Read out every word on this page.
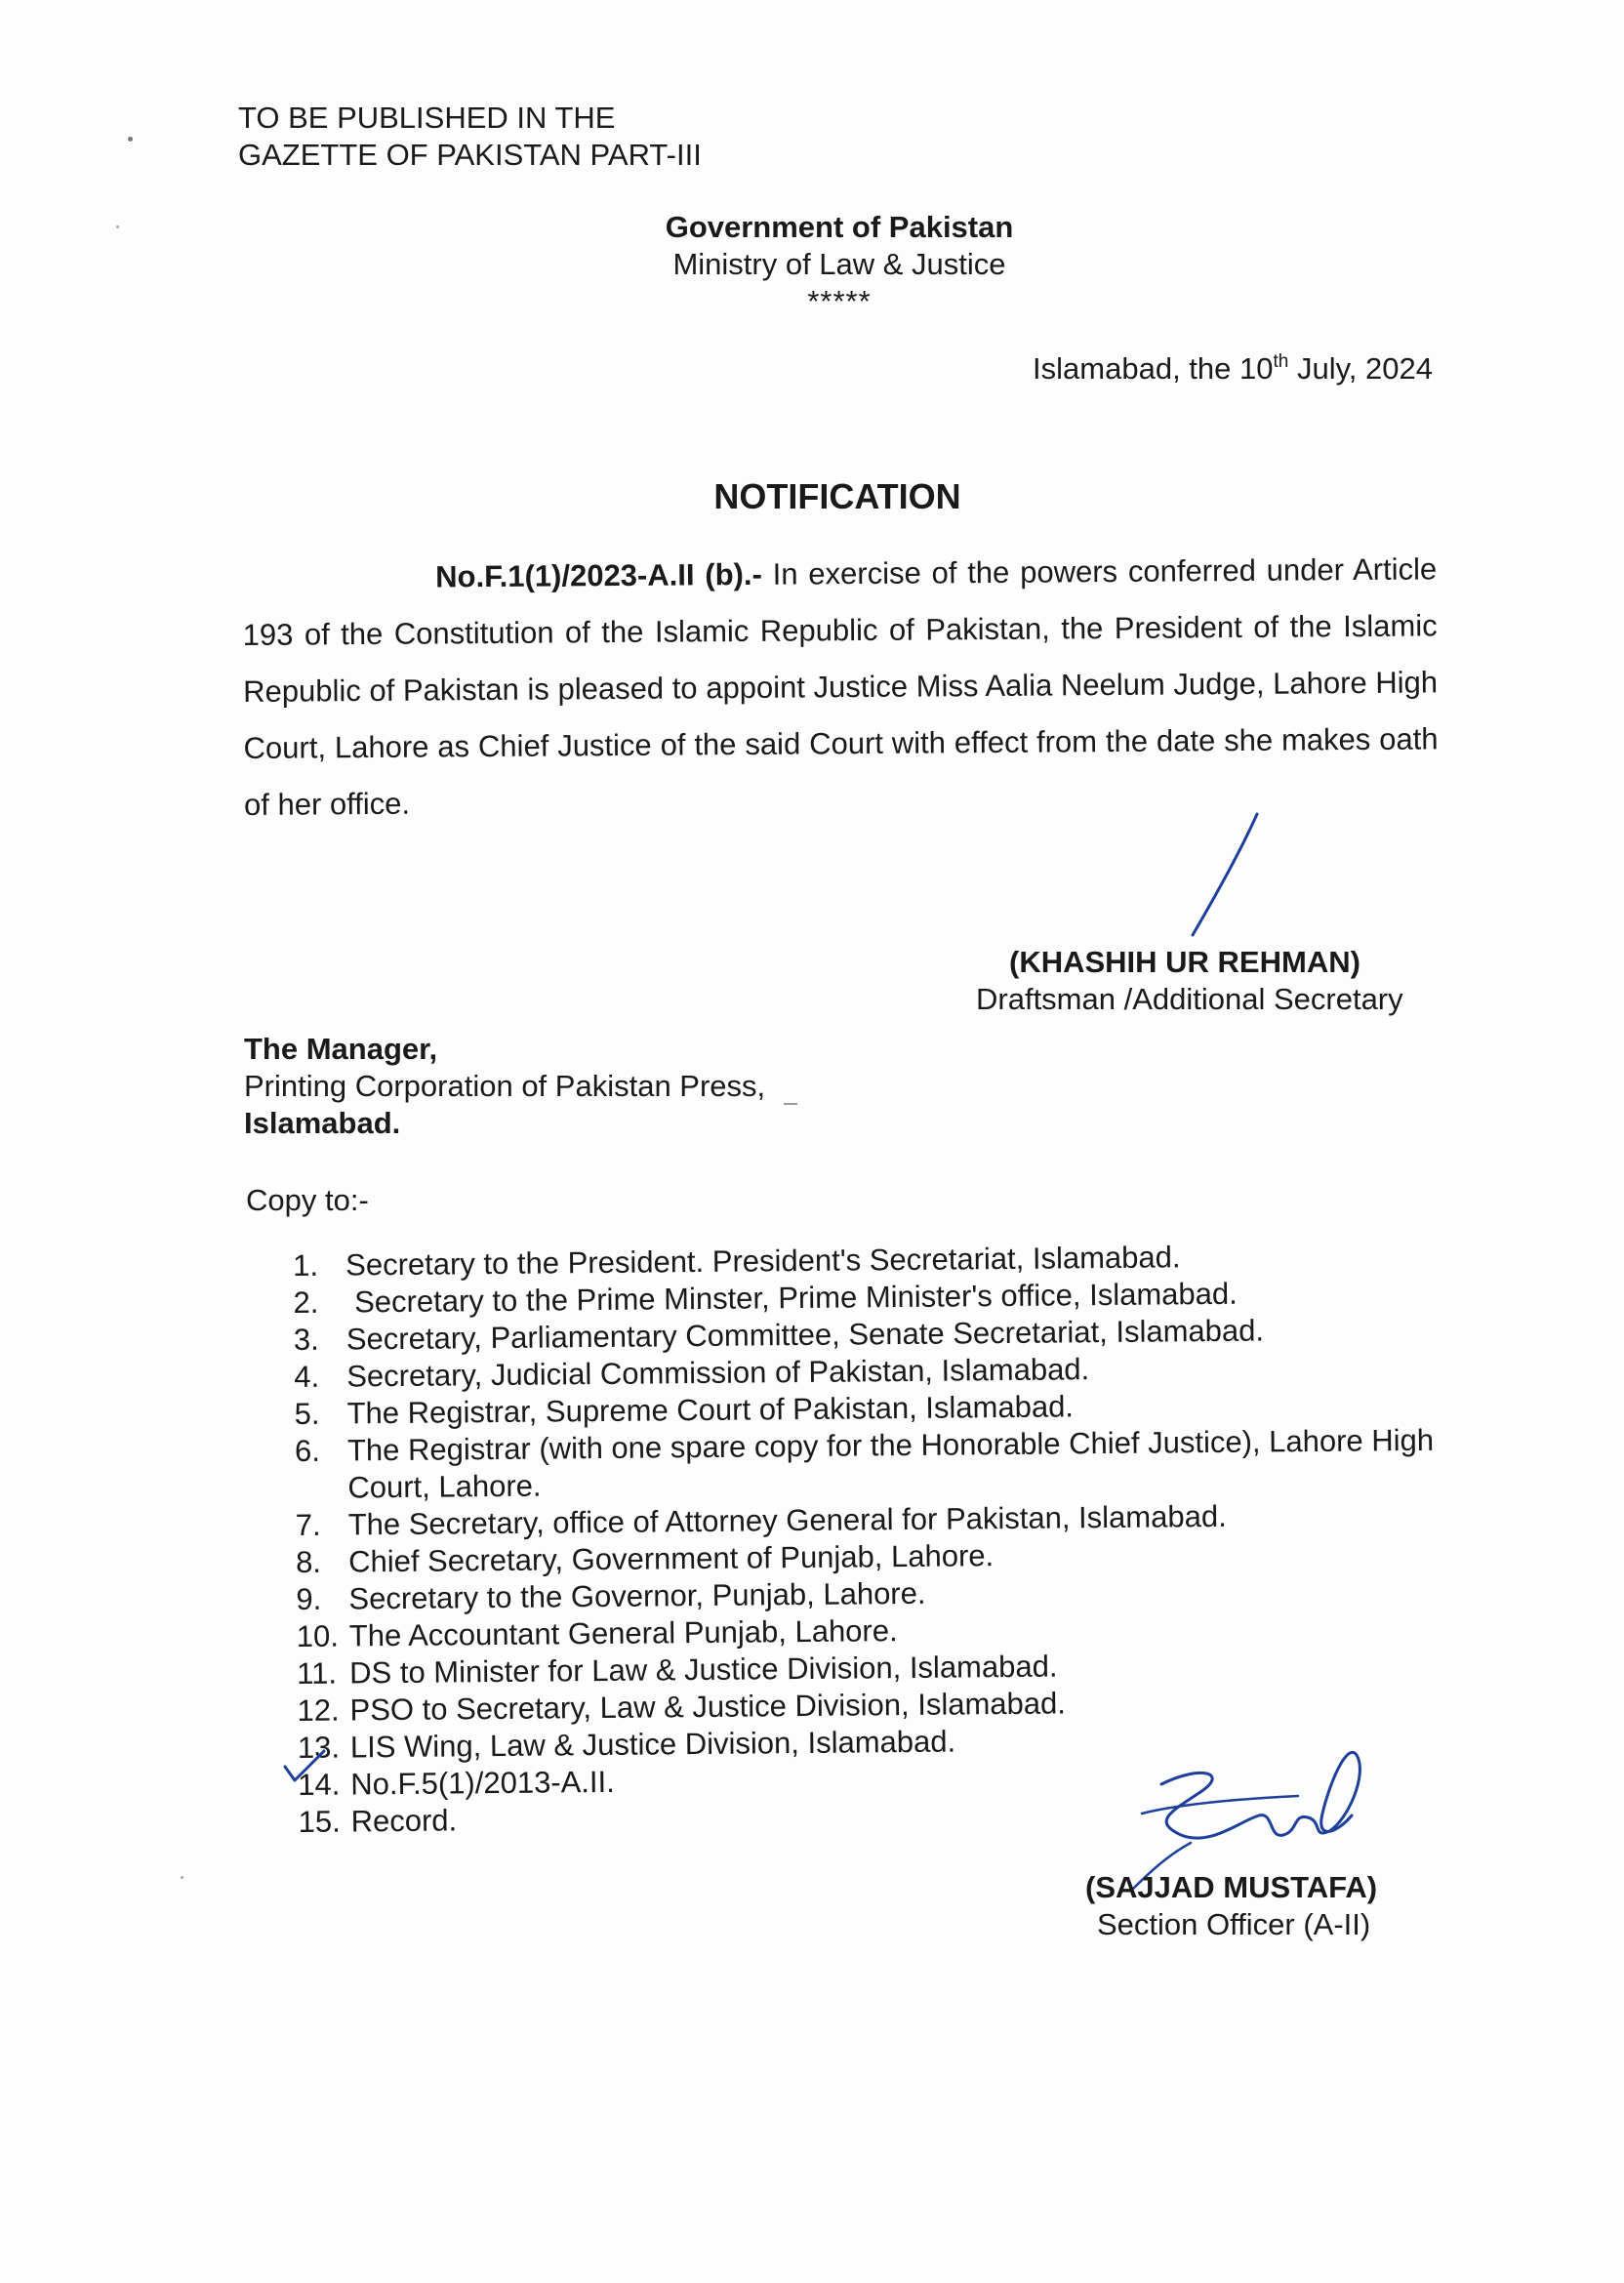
TO BE PUBLISHED IN THE
GAZETTE OF PAKISTAN PART-III
Government of Pakistan
Ministry of Law & Justice
*****
Islamabad, the 10th July, 2024
NOTIFICATION
No.F.1(1)/2023-A.II (b).- In exercise of the powers conferred under Article 193 of the Constitution of the Islamic Republic of Pakistan, the President of the Islamic Republic of Pakistan is pleased to appoint Justice Miss Aalia Neelum Judge, Lahore High Court, Lahore as Chief Justice of the said Court with effect from the date she makes oath of her office.
(KHASHIH UR REHMAN)
Draftsman /Additional Secretary
The Manager,
Printing Corporation of Pakistan Press,
Islamabad.
Copy to:-
1. Secretary to the President. President's Secretariat, Islamabad.
2. Secretary to the Prime Minster, Prime Minister's office, Islamabad.
3. Secretary, Parliamentary Committee, Senate Secretariat, Islamabad.
4. Secretary, Judicial Commission of Pakistan, Islamabad.
5. The Registrar, Supreme Court of Pakistan, Islamabad.
6. The Registrar (with one spare copy for the Honorable Chief Justice), Lahore High Court, Lahore.
7. The Secretary, office of Attorney General for Pakistan, Islamabad.
8. Chief Secretary, Government of Punjab, Lahore.
9. Secretary to the Governor, Punjab, Lahore.
10. The Accountant General Punjab, Lahore.
11. DS to Minister for Law & Justice Division, Islamabad.
12. PSO to Secretary, Law & Justice Division, Islamabad.
13. LIS Wing, Law & Justice Division, Islamabad.
14. No.F.5(1)/2013-A.II.
15. Record.
(SAJJAD MUSTAFA)
Section Officer (A-II)
